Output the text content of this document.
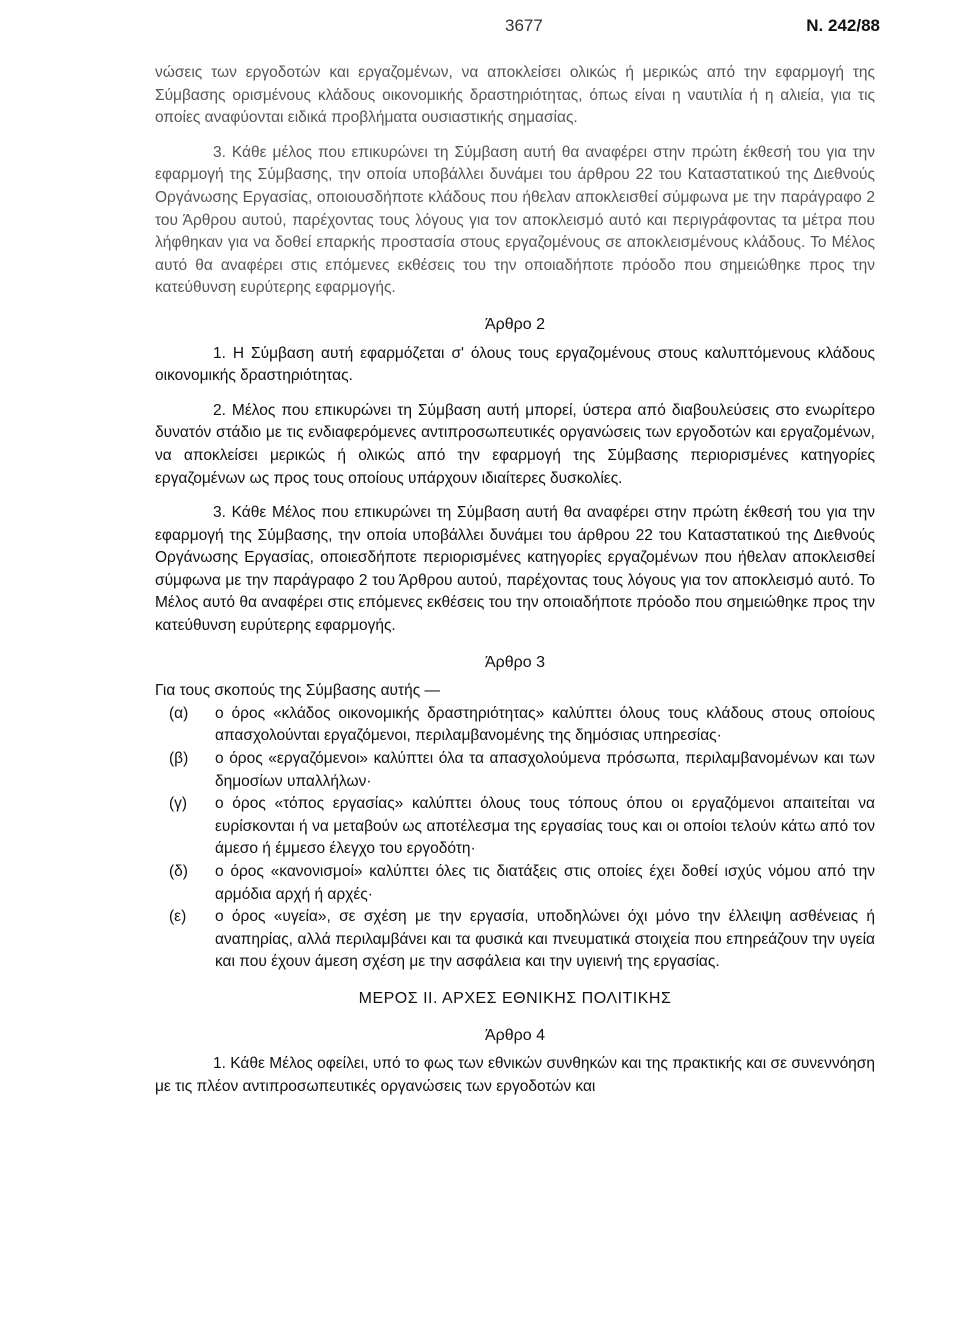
3677	Ν. 242/88

νώσεις των εργοδοτών και εργαζομένων, να αποκλείσει ολικώς ή μερικώς από την εφαρμογή της Σύμβασης ορισμένους κλάδους οικονομικής δραστηριότητας, όπως είναι η ναυτιλία ή η αλιεία, για τις οποίες αναφύονται ειδικά προβλήματα ουσιαστικής σημασίας.

3. Κάθε μέλος που επικυρώνει τη Σύμβαση αυτή θα αναφέρει στην πρώτη έκθεσή του για την εφαρμογή της Σύμβασης, την οποία υποβάλλει δυνάμει του άρθρου 22 του Καταστατικού της Διεθνούς Οργάνωσης Εργασίας, οποιουσδήποτε κλάδους που ήθελαν αποκλεισθεί σύμφωνα με την παράγραφο 2 του Άρθρου αυτού, παρέχοντας τους λόγους για τον αποκλεισμό αυτό και περιγράφοντας τα μέτρα που λήφθηκαν για να δοθεί επαρκής προστασία στους εργαζομένους σε αποκλεισμένους κλάδους. Το Μέλος αυτό θα αναφέρει στις επόμενες εκθέσεις του την οποιαδήποτε πρόοδο που σημειώθηκε προς την κατεύθυνση ευρύτερης εφαρμογής.

Άρθρο 2

1. Η Σύμβαση αυτή εφαρμόζεται σ' όλους τους εργαζομένους στους καλυπτόμενους κλάδους οικονομικής δραστηριότητας.

2. Μέλος που επικυρώνει τη Σύμβαση αυτή μπορεί, ύστερα από διαβουλεύσεις στο ενωρίτερο δυνατόν στάδιο με τις ενδιαφερόμενες αντιπροσωπευτικές οργανώσεις των εργοδοτών και εργαζομένων, να αποκλείσει μερικώς ή ολικώς από την εφαρμογή της Σύμβασης περιορισμένες κατηγορίες εργαζομένων ως προς τους οποίους υπάρχουν ιδιαίτερες δυσκολίες.

3. Κάθε Μέλος που επικυρώνει τη Σύμβαση αυτή θα αναφέρει στην πρώτη έκθεσή του για την εφαρμογή της Σύμβασης, την οποία υποβάλλει δυνάμει του άρθρου 22 του Καταστατικού της Διεθνούς Οργάνωσης Εργασίας, οποιεσδήποτε περιορισμένες κατηγορίες εργαζομένων που ήθελαν αποκλεισθεί σύμφωνα με την παράγραφο 2 του Άρθρου αυτού, παρέχοντας τους λόγους για τον αποκλεισμό αυτό. Το Μέλος αυτό θα αναφέρει στις επόμενες εκθέσεις του την οποιαδήποτε πρόοδο που σημειώθηκε προς την κατεύθυνση ευρύτερης εφαρμογής.

Άρθρο 3

Για τους σκοπούς της Σύμβασης αυτής —

(α)	ο όρος «κλάδος οικονομικής δραστηριότητας» καλύπτει όλους τους κλάδους στους οποίους απασχολούνται εργαζόμενοι, περιλαμβανομένης της δημόσιας υπηρεσίας·
(β)	ο όρος «εργαζόμενοι» καλύπτει όλα τα απασχολούμενα πρόσωπα, περιλαμβανομένων και των δημοσίων υπαλλήλων·
(γ)	ο όρος «τόπος εργασίας» καλύπτει όλους τους τόπους όπου οι εργαζόμενοι απαιτείται να ευρίσκονται ή να μεταβούν ως αποτέλεσμα της εργασίας τους και οι οποίοι τελούν κάτω από τον άμεσο ή έμμεσο έλεγχο του εργοδότη·
(δ)	ο όρος «κανονισμοί» καλύπτει όλες τις διατάξεις στις οποίες έχει δοθεί ισχύς νόμου από την αρμόδια αρχή ή αρχές·
(ε)	ο όρος «υγεία», σε σχέση με την εργασία, υποδηλώνει όχι μόνο την έλλειψη ασθένειας ή αναπηρίας, αλλά περιλαμβάνει και τα φυσικά και πνευματικά στοιχεία που επηρεάζουν την υγεία και που έχουν άμεση σχέση με την ασφάλεια και την υγιεινή της εργασίας.
ΜΕΡΟΣ ΙΙ. ΑΡΧΕΣ ΕΘΝΙΚΗΣ ΠΟΛΙΤΙΚΗΣ
Άρθρο 4

1. Κάθε Μέλος οφείλει, υπό το φως των εθνικών συνθηκών και της πρακτικής και σε συνεννόηση με τις πλέον αντιπροσωπευτικές οργανώσεις των εργοδοτών και
